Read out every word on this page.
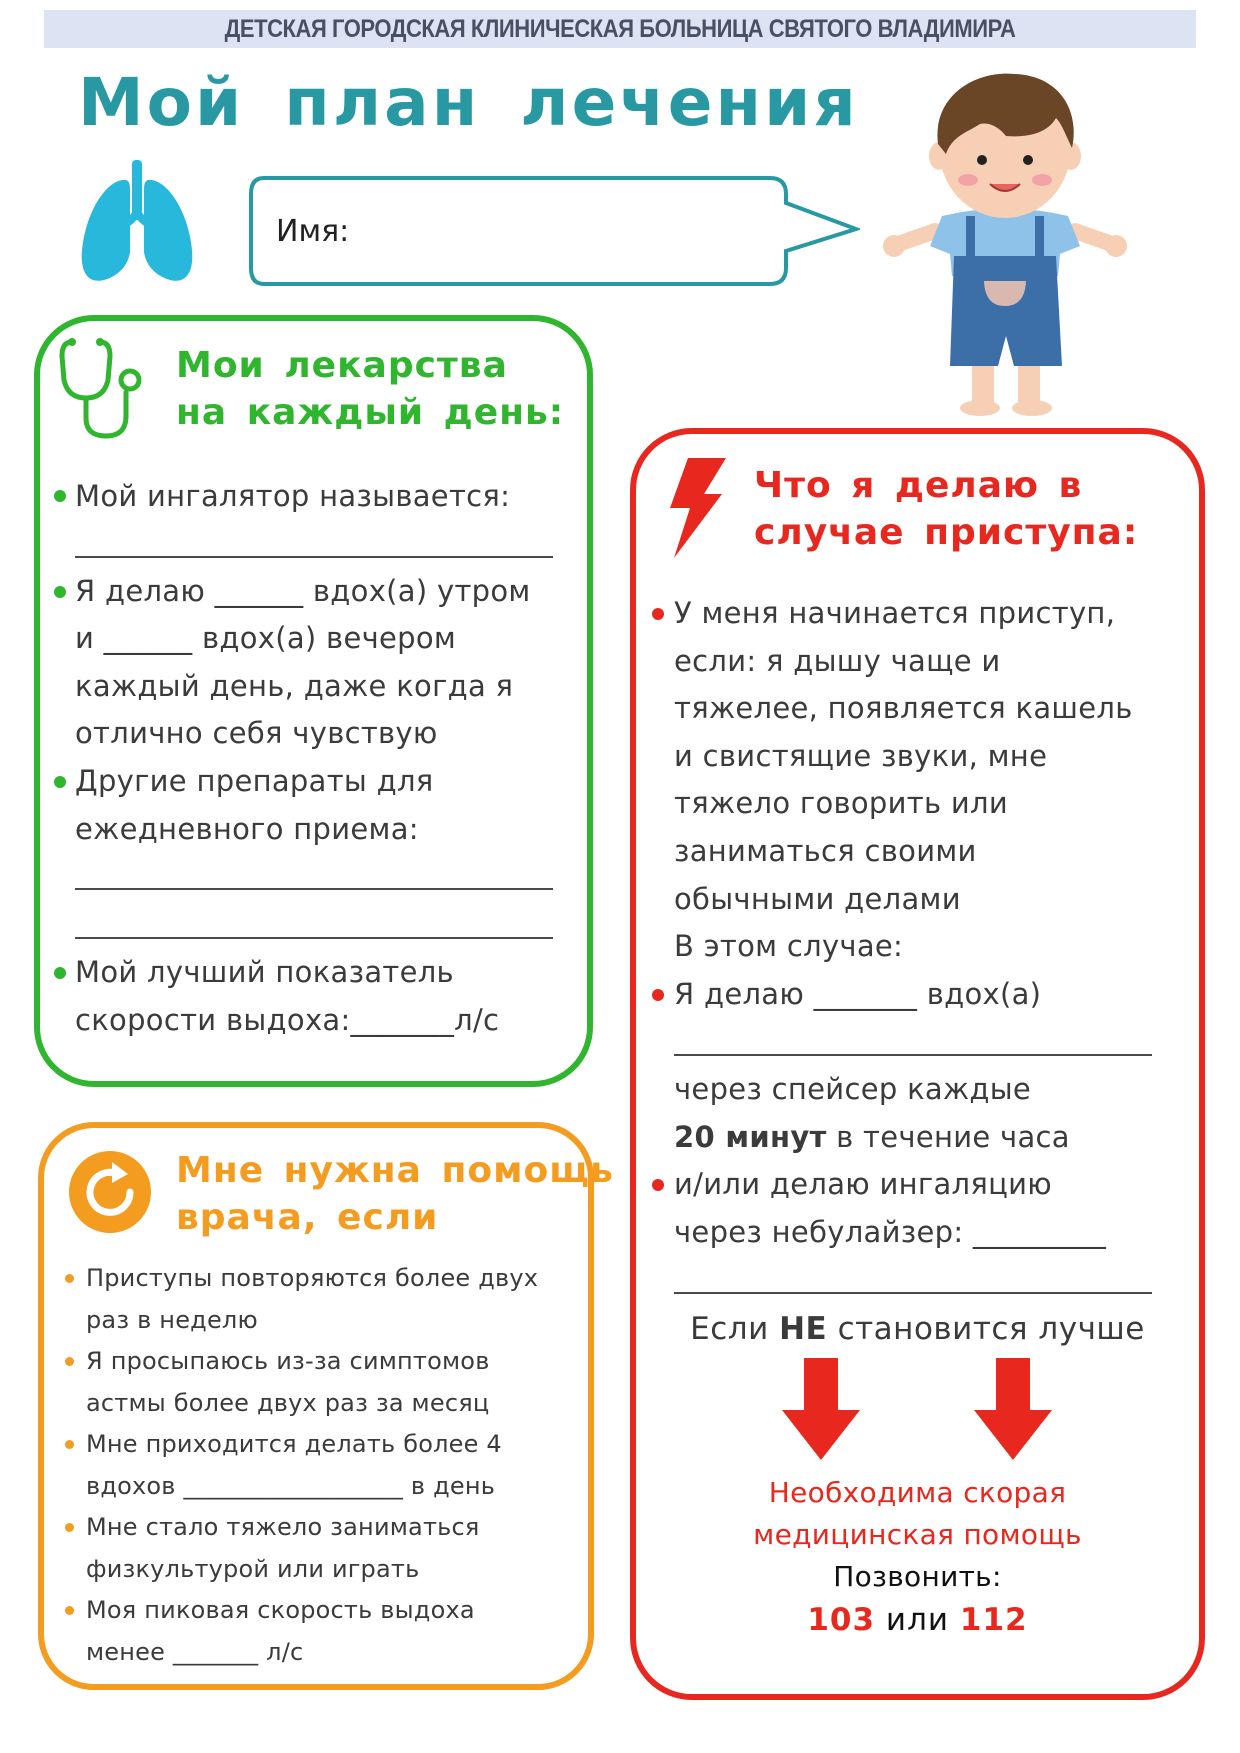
ДЕТСКАЯ ГОРОДСКАЯ КЛИНИЧЕСКАЯ БОЛЬНИЦА СВЯТОГО ВЛАДИМИРА
Мой план лечения
Имя:
Мои лекарства
на каждый день:
Мой ингалятор называется:
Я делаю ______ вдох(а) утром
и ______ вдох(а) вечером
каждый день, даже когда я
отлично себя чувствую
Другие препараты для
ежедневного приема:
Мой лучший показатель
скорости выдоха:_______л/с
Мне нужна помощь
врача, если
Приступы повторяются более двух
раз в неделю
Я просыпаюсь из-за симптомов
астмы более двух раз за месяц
Мне приходится делать более 4
вдохов __________________ в день
Мне стало тяжело заниматься
физкультурой или играть
Моя пиковая скорость выдоха
менее _______ л/с
Что я делаю в
случае приступа:
У меня начинается приступ,
если: я дышу чаще и
тяжелее, появляется кашель
и свистящие звуки, мне
тяжело говорить или
заниматься своими
обычными делами
В этом случае:
Я делаю _______ вдох(а)
через спейсер каждые
20 минут в течение часа
и/или делаю ингаляцию
через небулайзер: _________
Если НЕ становится лучше
Необходима скорая
медицинская помощь
Позвонить:
103 или 112
